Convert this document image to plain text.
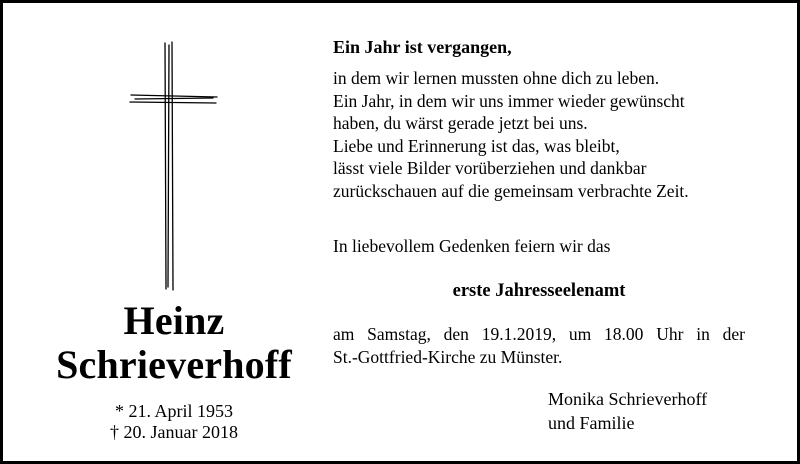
Heinz
Schrieverhoff
* 21. April 1953
† 20. Januar 2018
Ein Jahr ist vergangen,
in dem wir lernen mussten ohne dich zu leben.
Ein Jahr, in dem wir uns immer wieder gewünscht
haben, du wärst gerade jetzt bei uns.
Liebe und Erinnerung ist das, was bleibt,
lässt viele Bilder vorüberziehen und dankbar
zurückschauen auf die gemeinsam verbrachte Zeit.
In liebevollem Gedenken feiern wir das
erste Jahresseelenamt
am Samstag, den 19.1.2019, um 18.00 Uhr in der
St.-Gottfried-Kirche zu Münster.
Monika Schrieverhoff
und Familie
